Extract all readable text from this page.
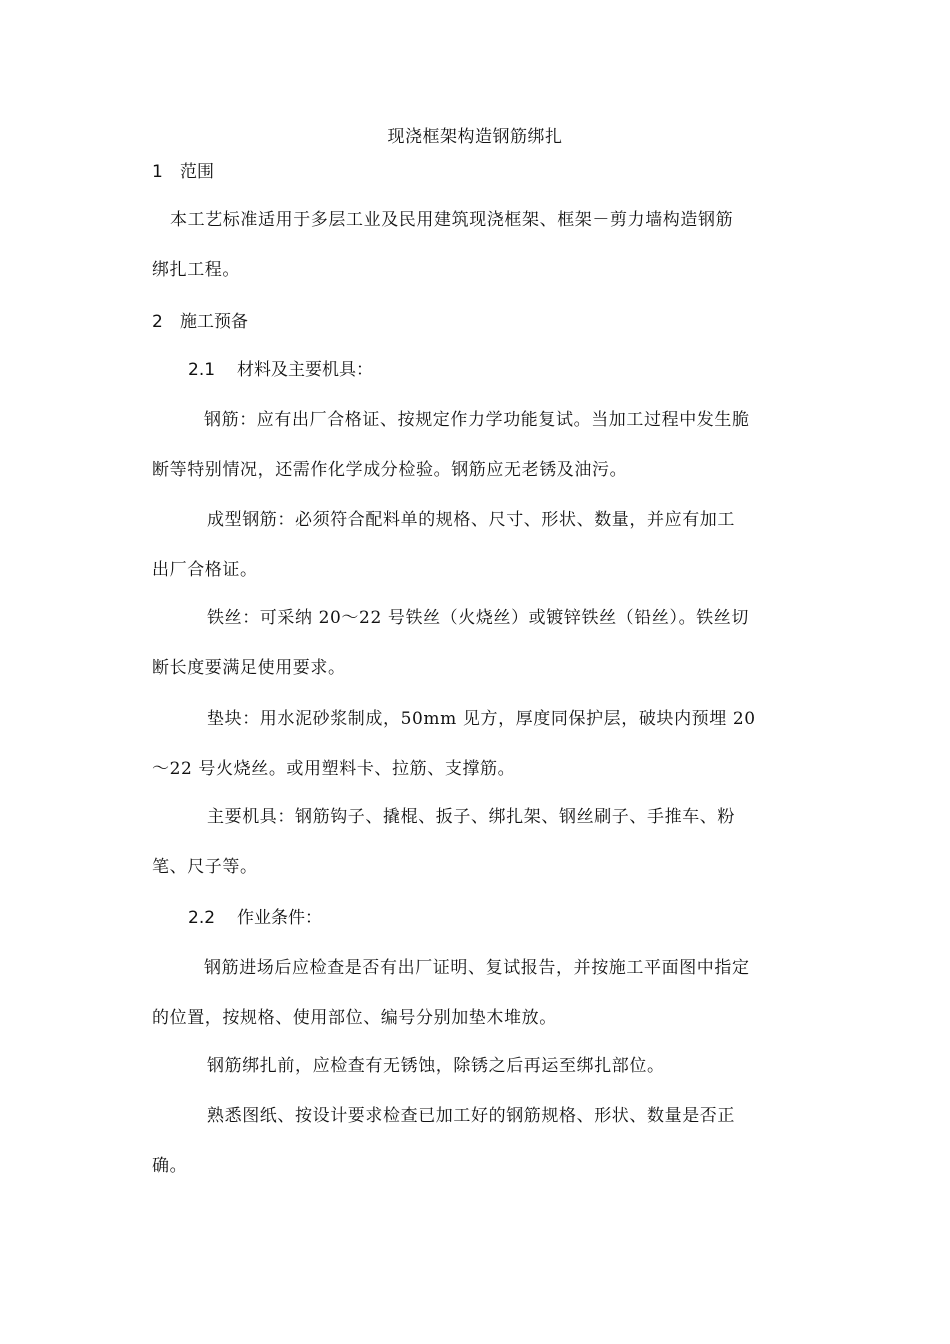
现浇框架构造钢筋绑扎
1 范围
本工艺标准适用于多层工业及民用建筑现浇框架、框架－剪力墙构造钢筋
绑扎工程。
2 施工预备
2.1 材料及主要机具：
钢筋：应有出厂合格证、按规定作力学功能复试。当加工过程中发生脆
断等特别情况，还需作化学成分检验。钢筋应无老锈及油污。
成型钢筋：必须符合配料单的规格、尺寸、形状、数量，并应有加工
出厂合格证。
铁丝：可采纳 20～22 号铁丝（火烧丝）或镀锌铁丝（铅丝）。铁丝切
断长度要满足使用要求。
垫块：用水泥砂浆制成，50mm 见方，厚度同保护层，破块内预埋 20
～22 号火烧丝。或用塑料卡、拉筋、支撑筋。
主要机具：钢筋钩子、撬棍、扳子、绑扎架、钢丝刷子、手推车、粉
笔、尺子等。
2.2 作业条件：
钢筋进场后应检查是否有出厂证明、复试报告，并按施工平面图中指定
的位置，按规格、使用部位、编号分别加垫木堆放。
钢筋绑扎前，应检查有无锈蚀，除锈之后再运至绑扎部位。
熟悉图纸、按设计要求检查已加工好的钢筋规格、形状、数量是否正
确。
